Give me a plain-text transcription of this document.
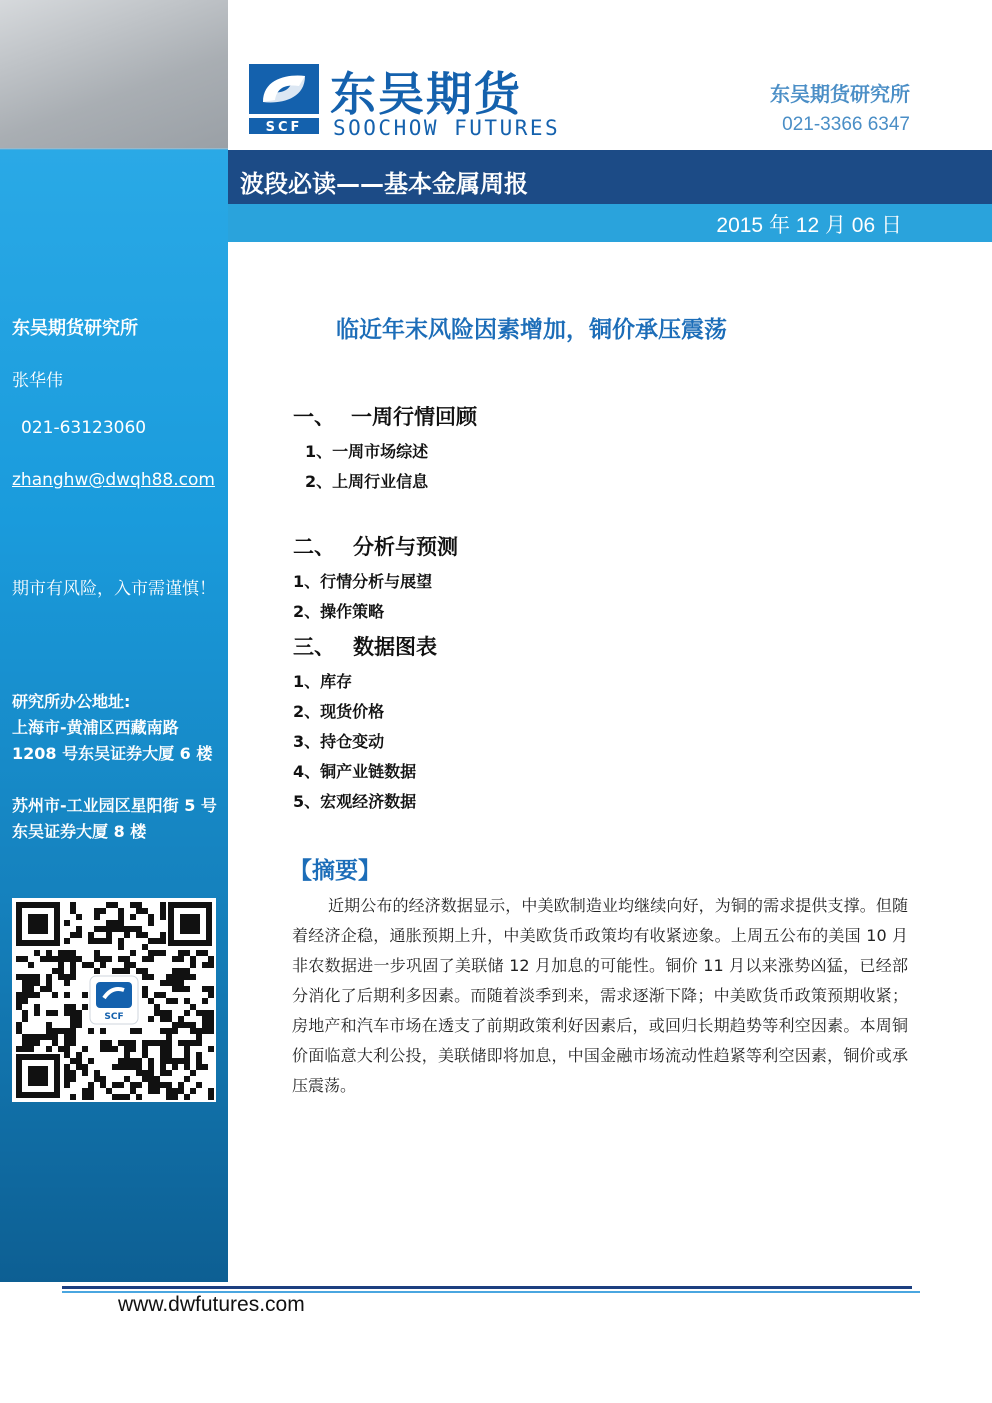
东吴期货研究所
张华伟
021-63123060
zhanghw@dwqh88.com
期市有风险，入市需谨慎！
研究所办公地址:
上海市-黄浦区西藏南路 1208 号东吴证券大厦 6 楼
苏州市-工业园区星阳街 5 号东吴证券大厦 8 楼
SCF
SCF
东吴期货
SOOCHOW FUTURES
东吴期货研究所
021-3366 6347
波段必读——基本金属周报
2015 年 12 月 06 日
临近年末风险因素增加，铜价承压震荡
一、 一周行情回顾
1、一周市场综述
2、上周行业信息
二、 分析与预测
1、行情分析与展望
2、操作策略
三、 数据图表
1、库存
2、现货价格
3、持仓变动
4、铜产业链数据
5、宏观经济数据
【摘要】
近期公布的经济数据显示，中美欧制造业均继续向好，为铜的需求提供支撑。但随着经济企稳，通胀预期上升，中美欧货币政策均有收紧迹象。上周五公布的美国 10 月非农数据进一步巩固了美联储 12 月加息的可能性。铜价 11 月以来涨势凶猛，已经部分消化了后期利多因素。而随着淡季到来，需求逐渐下降；中美欧货币政策预期收紧；房地产和汽车市场在透支了前期政策利好因素后，或回归长期趋势等利空因素。本周铜价面临意大利公投，美联储即将加息，中国金融市场流动性趋紧等利空因素，铜价或承压震荡。
www.dwfutures.com
